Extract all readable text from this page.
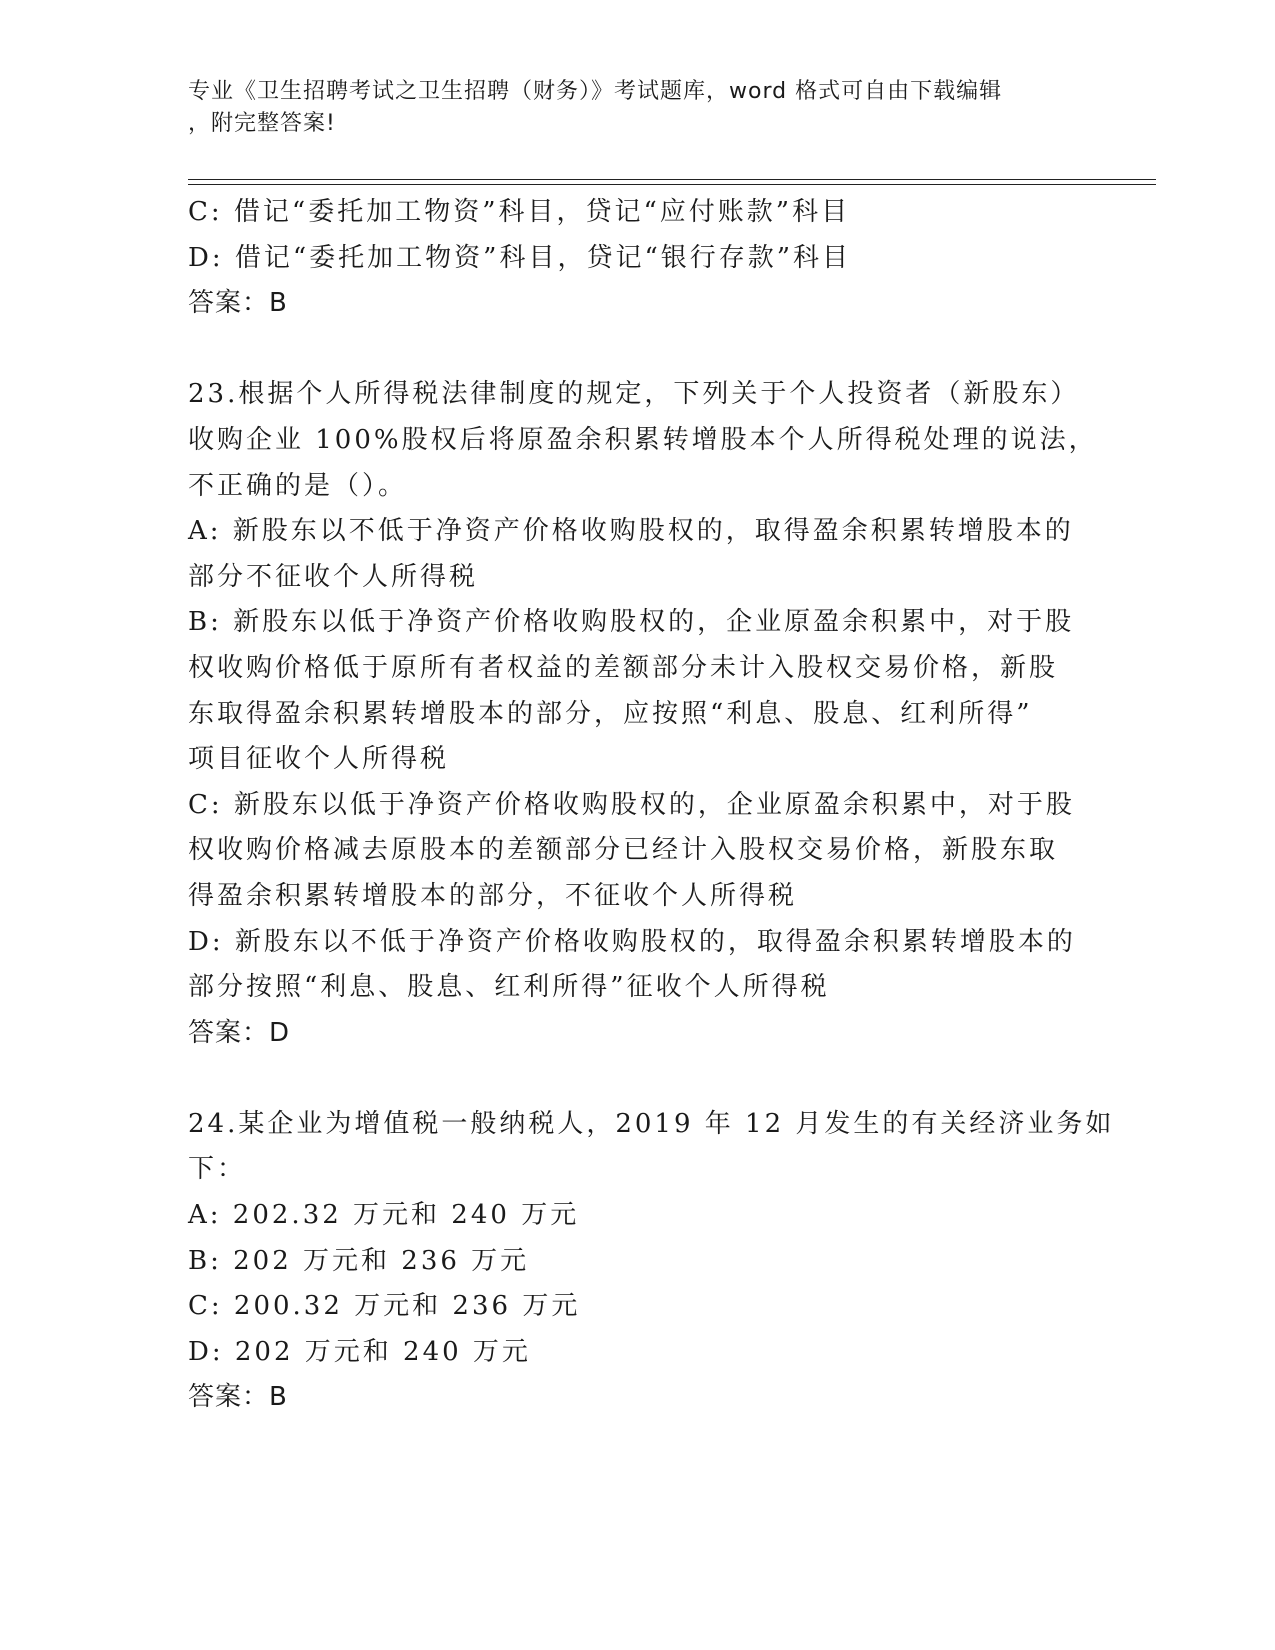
专业《卫生招聘考试之卫生招聘（财务）》考试题库，word 格式可自由下载编辑
，附完整答案!
C: 借记“委托加工物资”科目，贷记“应付账款”科目
D: 借记“委托加工物资”科目，贷记“银行存款”科目
答案：B
23.根据个人所得税法律制度的规定，下列关于个人投资者（新股东）
收购企业 100%股权后将原盈余积累转增股本个人所得税处理的说法，
不正确的是（）。
A: 新股东以不低于净资产价格收购股权的，取得盈余积累转增股本的
部分不征收个人所得税
B: 新股东以低于净资产价格收购股权的，企业原盈余积累中，对于股
权收购价格低于原所有者权益的差额部分未计入股权交易价格，新股
东取得盈余积累转增股本的部分，应按照“利息、股息、红利所得”
项目征收个人所得税
C: 新股东以低于净资产价格收购股权的，企业原盈余积累中，对于股
权收购价格减去原股本的差额部分已经计入股权交易价格，新股东取
得盈余积累转增股本的部分，不征收个人所得税
D: 新股东以不低于净资产价格收购股权的，取得盈余积累转增股本的
部分按照“利息、股息、红利所得”征收个人所得税
答案：D
24.某企业为增值税一般纳税人，2019 年 12 月发生的有关经济业务如
下：
A: 202.32 万元和 240 万元
B: 202 万元和 236 万元
C: 200.32 万元和 236 万元
D: 202 万元和 240 万元
答案：B
